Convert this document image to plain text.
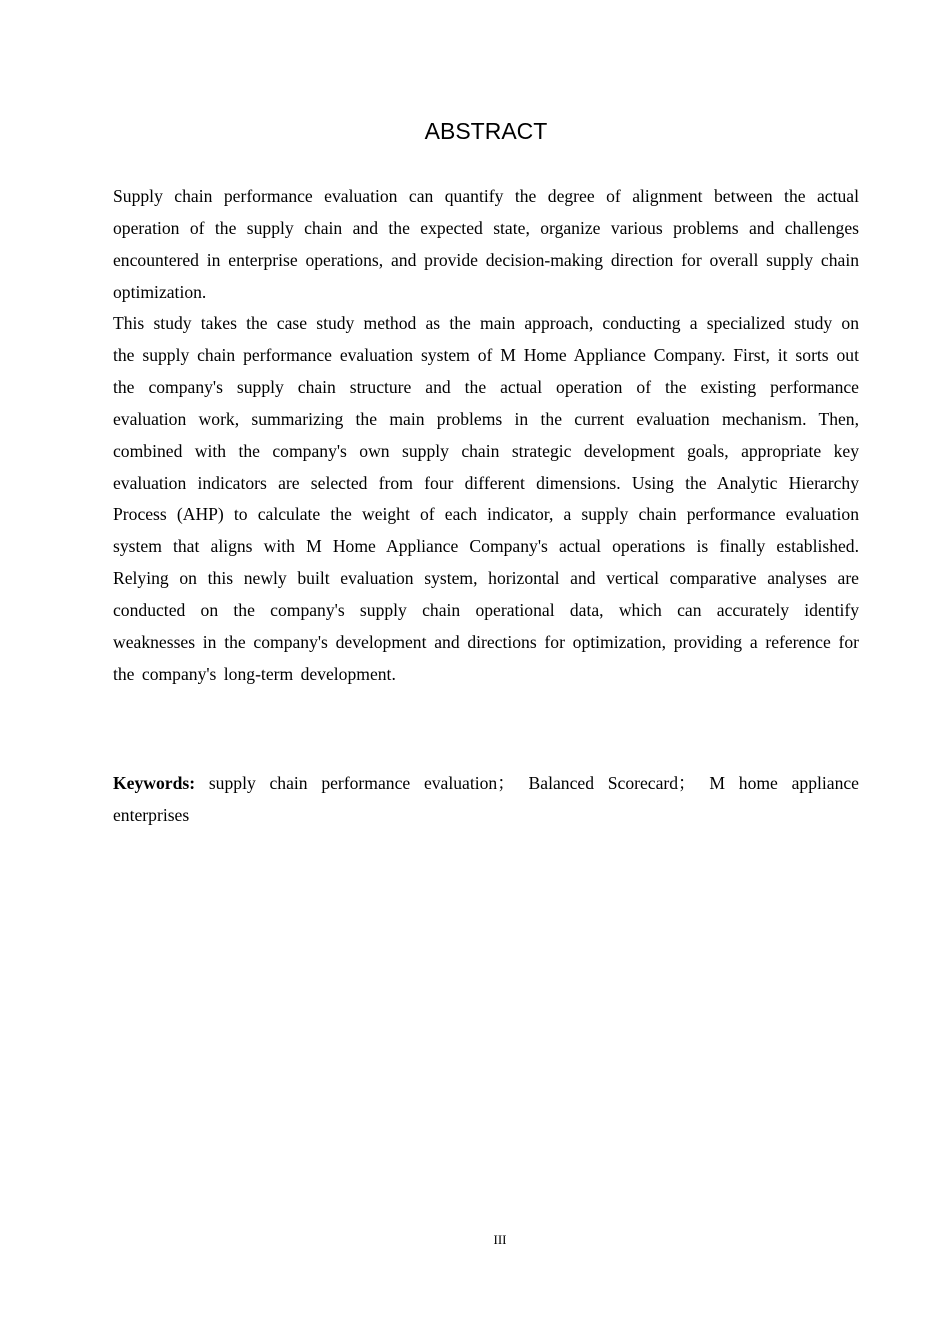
ABSTRACT

Supply chain performance evaluation can quantify the degree of alignment between the actual operation of the supply chain and the expected state, organize various problems and challenges encountered in enterprise operations, and provide decision-making direction for overall supply chain optimization.

This study takes the case study method as the main approach, conducting a specialized study on the supply chain performance evaluation system of M Home Appliance Company. First, it sorts out the company's supply chain structure and the actual operation of the existing performance evaluation work, summarizing the main problems in the current evaluation mechanism. Then, combined with the company's own supply chain strategic development goals, appropriate key evaluation indicators are selected from four different dimensions. Using the Analytic Hierarchy Process (AHP) to calculate the weight of each indicator, a supply chain performance evaluation system that aligns with M Home Appliance Company's actual operations is finally established. Relying on this newly built evaluation system, horizontal and vertical comparative analyses are conducted on the company's supply chain operational data, which can accurately identify weaknesses in the company's development and directions for optimization, providing a reference for the company's long-term development.

Keywords: supply chain performance evaluation； Balanced Scorecard； M home appliance enterprises

III
